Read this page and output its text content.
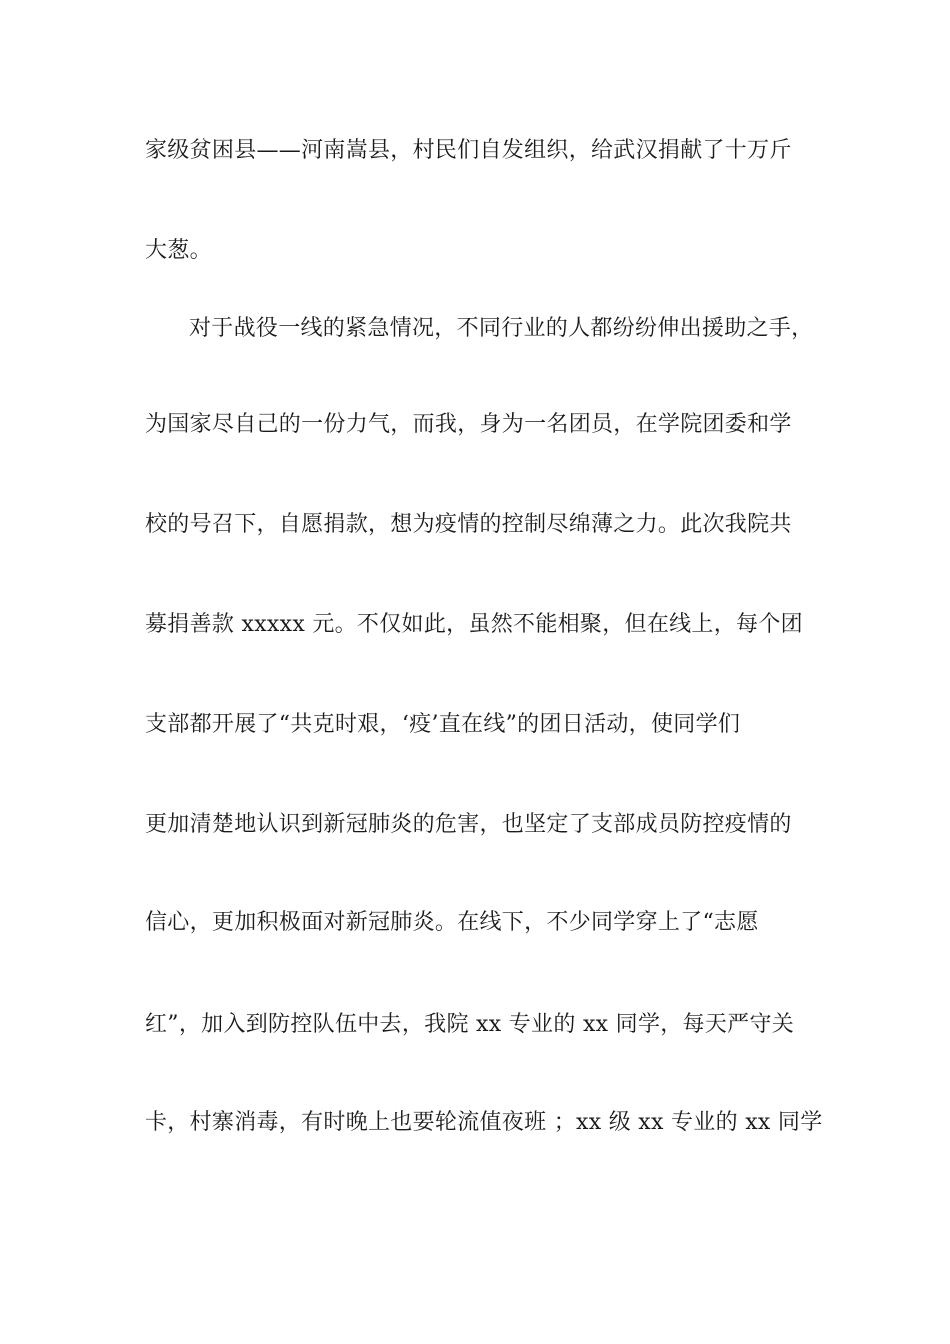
家级贫困县——河南嵩县，村民们自发组织，给武汉捐献了十万斤
大葱。
对于战役一线的紧急情况，不同行业的人都纷纷伸出援助之手，
为国家尽自己的一份力气，而我，身为一名团员，在学院团委和学
校的号召下，自愿捐款，想为疫情的控制尽绵薄之力。此次我院共
募捐善款 xxxxx 元。不仅如此，虽然不能相聚，但在线上，每个团
支部都开展了“共克时艰，‘疫’直在线”的团日活动，使同学们
更加清楚地认识到新冠肺炎的危害，也坚定了支部成员防控疫情的
信心，更加积极面对新冠肺炎。在线下，不少同学穿上了“志愿
红”，加入到防控队伍中去，我院 xx 专业的 xx 同学，每天严守关
卡，村寨消毒，有时晚上也要轮流值夜班 ；xx 级 xx 专业的 xx 同学
